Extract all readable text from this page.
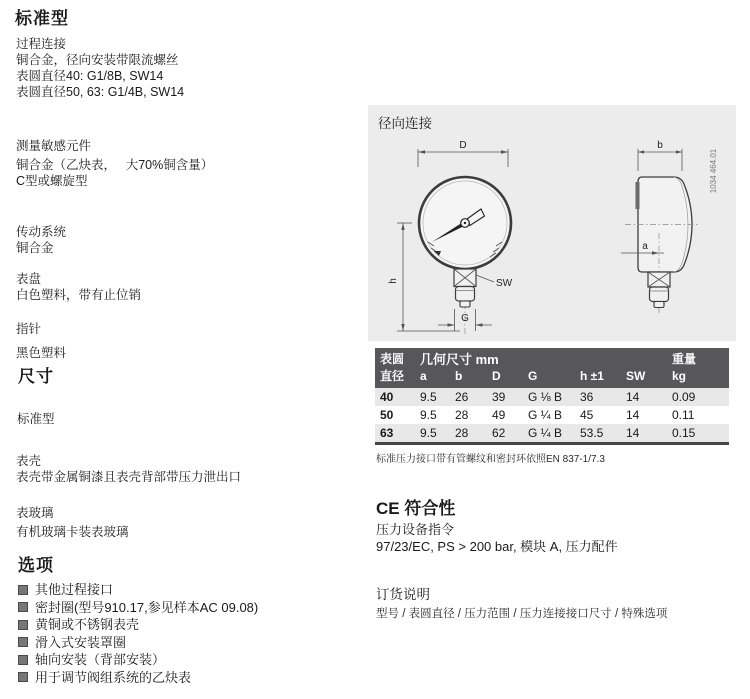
标准型
过程连接
铜合金，径向安装带限流螺丝
表圆直径40: G1/8B, SW14
表圆直径50, 63: G1/4B, SW14
测量敏感元件
铜合金（乙炔表，　 大70%铜含量）
C型或螺旋型
传动系统
铜合金
表盘
白色塑料，带有止位销
指针
黑色塑料
尺寸
标准型
表壳
表壳带金属铜漆且表壳背部带压力泄出口
表玻璃
有机玻璃卡装表玻璃
选项
其他过程接口
密封圈(型号910.17,参见样本AC 09.08)
黄铜或不锈钢表壳
滑入式安装罩圈
轴向安装（背部安装）
用于调节阀组系统的乙炔表
径向连接
D
SW
G
h
b
a
1034 464.01
表圆	几何尺寸 mm	重量
直径	a	b	D	G	h ±1	SW	kg
40	9.5	26	39	G ⅛ B	36	14	0.09
50	9.5	28	49	G ¼ B	45	14	0.11
63	9.5	28	62	G ¼ B	53.5	14	0.15
标准压力接口带有管螺纹和密封环依照EN 837-1/7.3
CE 符合性
压力设备指令
97/23/EC, PS > 200 bar, 模块 A, 压力配件
订货说明
型号 / 表圆直径 / 压力范围 / 压力连接接口尺寸 / 特殊选项
